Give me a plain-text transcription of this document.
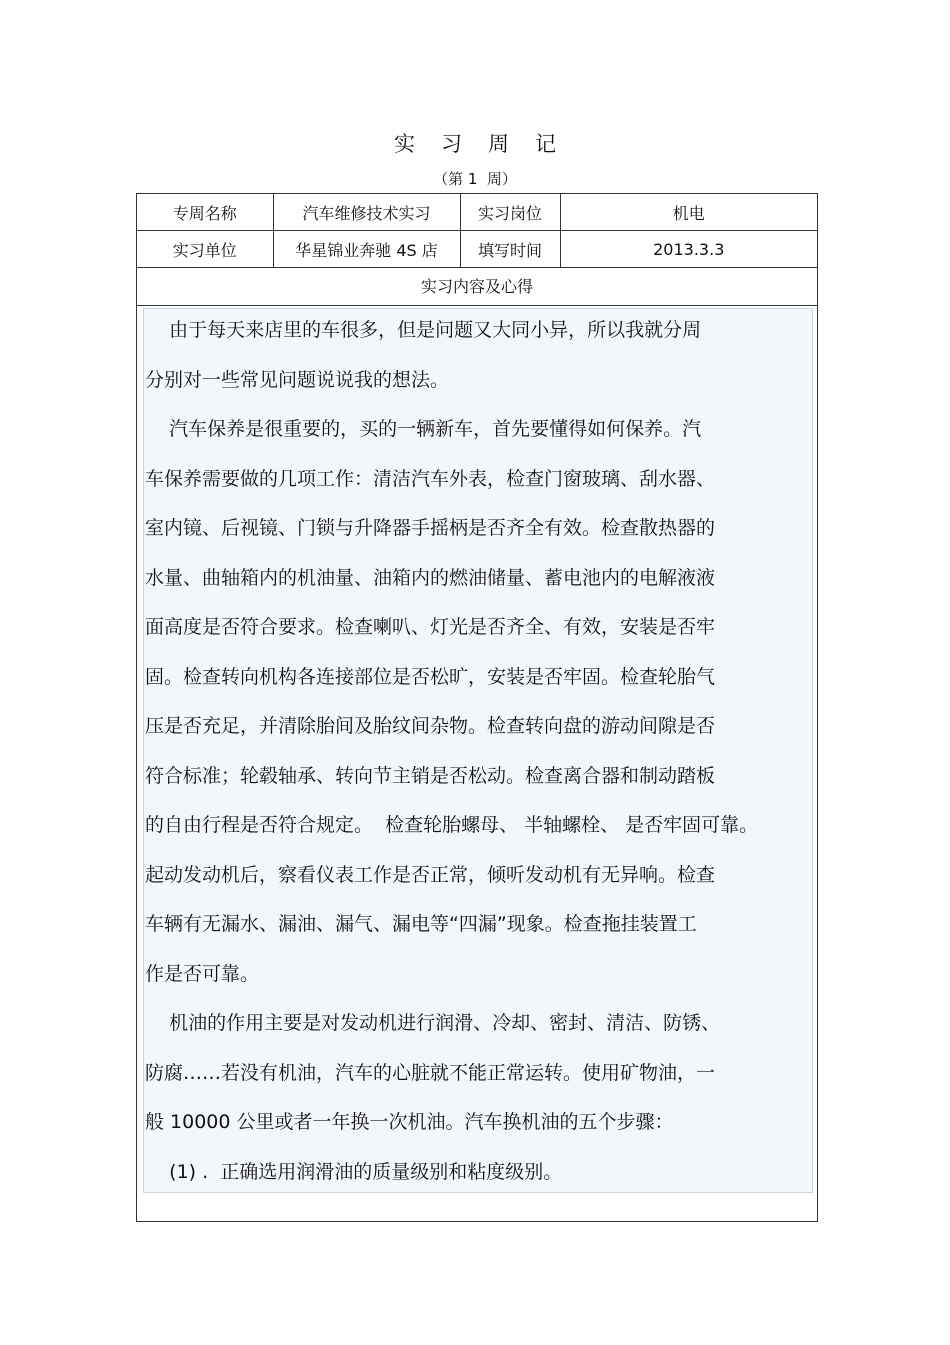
实习周记
（第 1  周）
专周名称	汽车维修技术实习	实习岗位	机电
实习单位	华星锦业奔驰 4S 店	填写时间	2013.3.3
实习内容及心得
由于每天来店里的车很多，但是问题又大同小异，所以我就分周
分别对一些常见问题说说我的想法。
汽车保养是很重要的，买的一辆新车，首先要懂得如何保养。汽
车保养需要做的几项工作：清洁汽车外表，检查门窗玻璃、刮水器、
室内镜、后视镜、门锁与升降器手摇柄是否齐全有效。检查散热器的
水量、曲轴箱内的机油量、油箱内的燃油储量、蓄电池内的电解液液
面高度是否符合要求。检查喇叭、灯光是否齐全、有效，安装是否牢
固。检查转向机构各连接部位是否松旷，安装是否牢固。检查轮胎气
压是否充足，并清除胎间及胎纹间杂物。检查转向盘的游动间隙是否
符合标准；轮毂轴承、转向节主销是否松动。检查离合器和制动踏板
的自由行程是否符合规定。  检查轮胎螺母、 半轴螺栓、 是否牢固可靠。
起动发动机后，察看仪表工作是否正常，倾听发动机有无异响。检查
车辆有无漏水、漏油、漏气、漏电等“四漏”现象。检查拖挂装置工
作是否可靠。
机油的作用主要是对发动机进行润滑、冷却、密封、清洁、防锈、
防腐……若没有机油，汽车的心脏就不能正常运转。使用矿物油，一
般 10000 公里或者一年换一次机油。汽车换机油的五个步骤：
(1) .  正确选用润滑油的质量级别和粘度级别。
